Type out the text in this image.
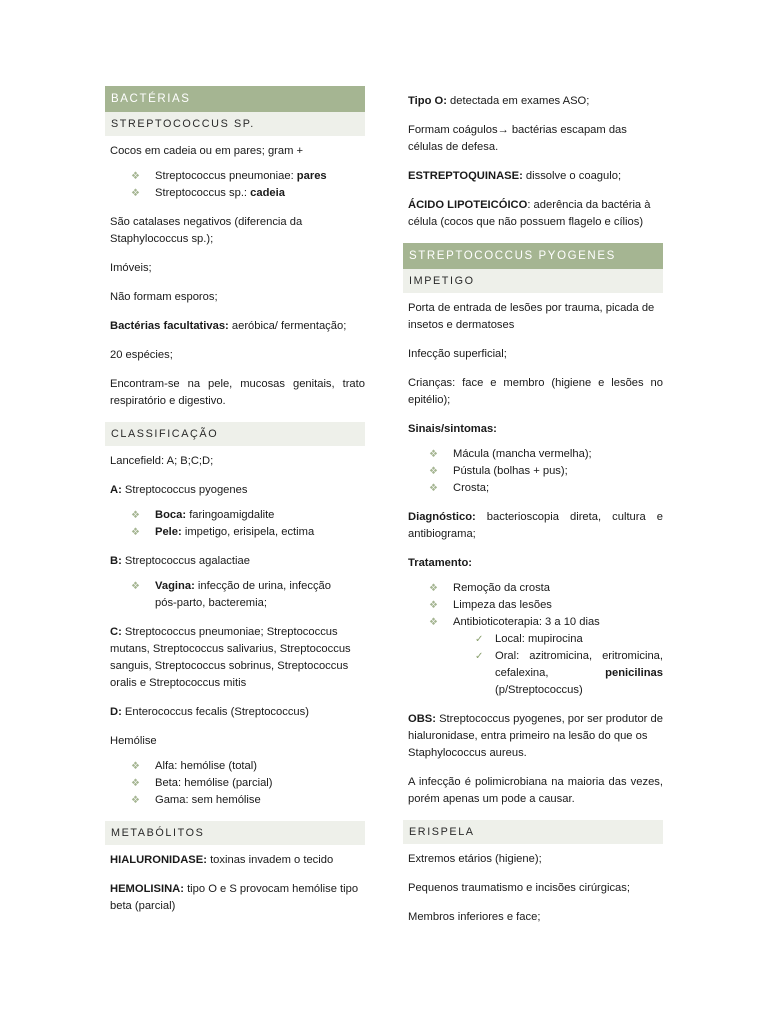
BACTÉRIAS
STREPTOCOCCUS SP.

Cocos em cadeia ou em pares; gram +

❖ Streptococcus pneumoniae: pares
❖ Streptococcus sp.: cadeia

São catalases negativos (diferencia da Staphylococcus sp.);

Imóveis;

Não formam esporos;

Bactérias facultativas: aeróbica/ fermentação;

20 espécies;

Encontram-se na pele, mucosas genitais, trato respiratório e digestivo.

CLASSIFICAÇÃO

Lancefield: A; B;C;D;

A: Streptococcus pyogenes

❖ Boca: faringoamigdalite
❖ Pele: impetigo, erisipela, ectima

B: Streptococcus agalactiae

❖ Vagina: infecção de urina, infecção pós-parto, bacteremia;

C: Streptococcus pneumoniae; Streptococcus mutans, Streptococcus salivarius, Streptococcus sanguis, Streptococcus sobrinus, Streptococcus oralis e Streptococcus mitis

D: Enterococcus fecalis (Streptococcus)

Hemólise

❖ Alfa: hemólise (total)
❖ Beta: hemólise (parcial)
❖ Gama: sem hemólise
METABÓLITOS

HIALURONIDASE: toxinas invadem o tecido

HEMOLISINA: tipo O e S provocam hemólise tipo beta (parcial)

Tipo O: detectada em exames ASO;

Formam coágulos→ bactérias escapam das células de defesa.

ESTREPTOQUINASE: dissolve o coagulo;

ÁCIDO LIPOTEICÓICO: aderência da bactéria à célula (cocos que não possuem flagelo e cílios)

STREPTOCOCCUS PYOGENES
IMPETIGO

Porta de entrada de lesões por trauma, picada de insetos e dermatoses

Infecção superficial;

Crianças: face e membro (higiene e lesões no epitélio);

Sinais/sintomas:

❖ Mácula (mancha vermelha);
❖ Pústula (bolhas + pus);
❖ Crosta;

Diagnóstico: bacterioscopia direta, cultura e antibiograma;

Tratamento:

❖ Remoção da crosta
❖ Limpeza das lesões
❖ Antibioticoterapia: 3 a 10 dias
✓ Local: mupirocina
✓ Oral: azitromicina, eritromicina, cefalexina, penicilinas (p/Streptococcus)

OBS: Streptococcus pyogenes, por ser produtor de hialuronidase, entra primeiro na lesão do que os Staphylococcus aureus.

A infecção é polimicrobiana na maioria das vezes, porém apenas um pode a causar.

ERISPELA

Extremos etários (higiene);

Pequenos traumatismo e incisões cirúrgicas;

Membros inferiores e face;
